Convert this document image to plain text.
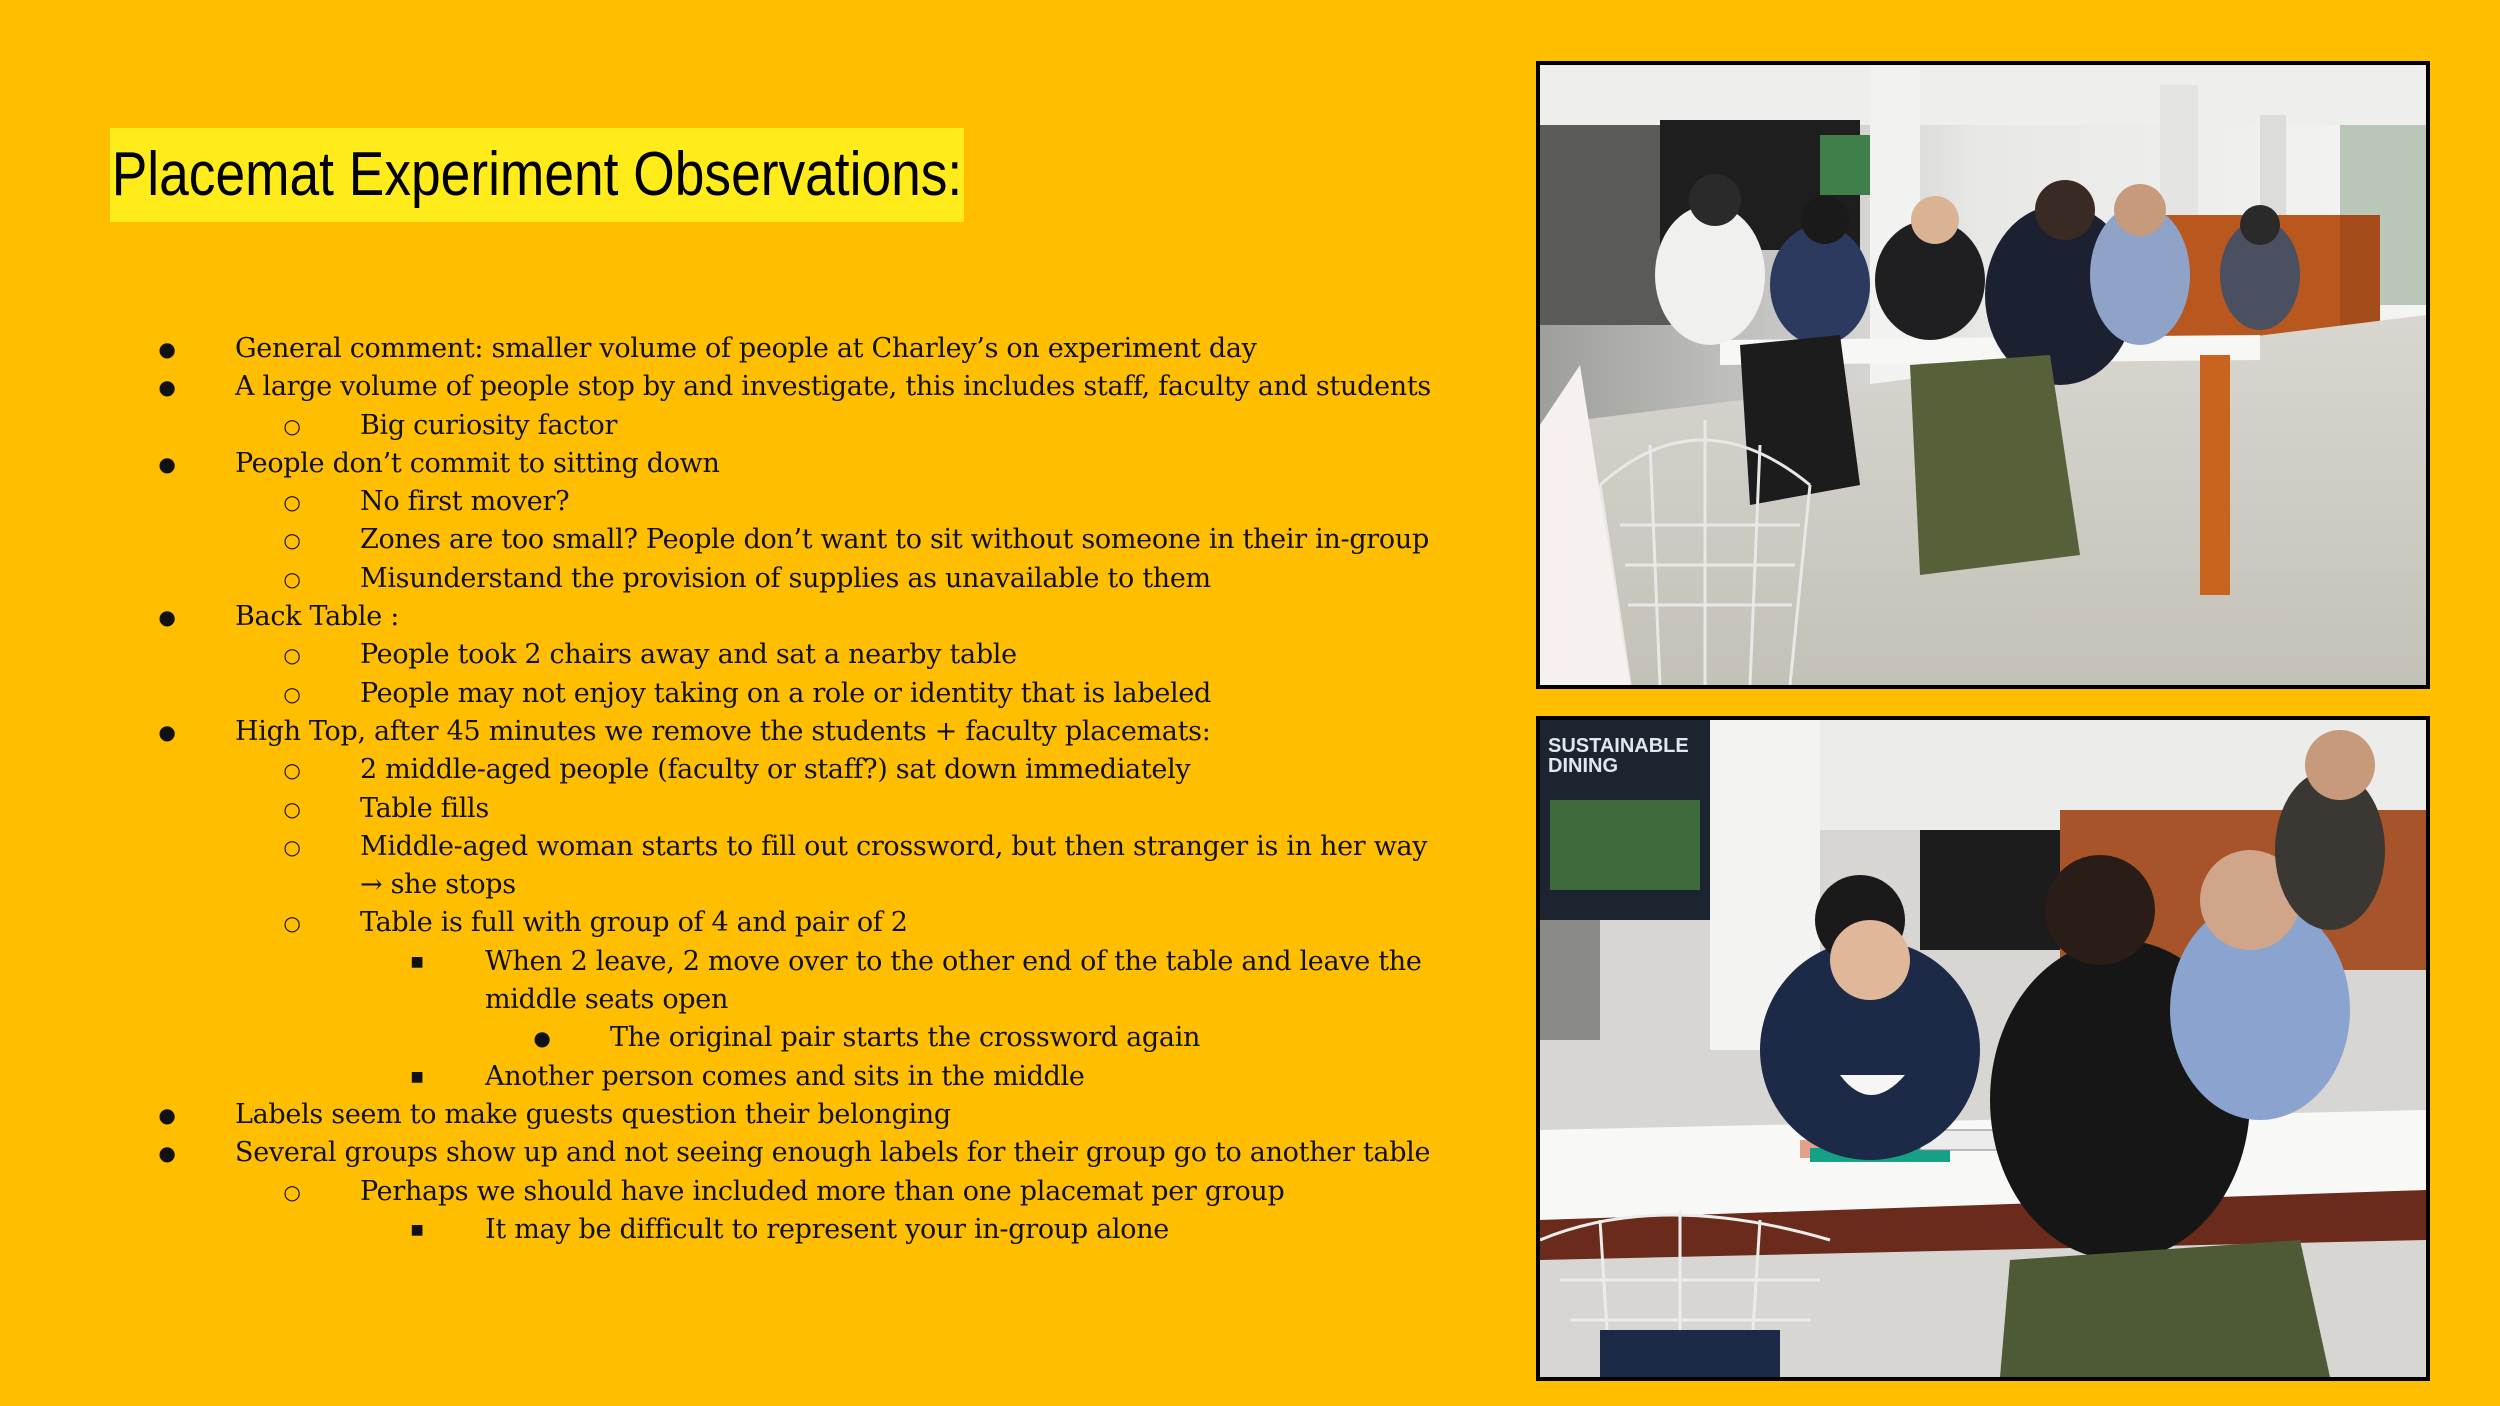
Placemat Experiment Observations:
● General comment: smaller volume of people at Charley’s on experiment day
● A large volume of people stop by and investigate, this includes staff, faculty and students
○ Big curiosity factor
● People don’t commit to sitting down
○ No first mover?
○ Zones are too small? People don’t want to sit without someone in their in-group
○ Misunderstand the provision of supplies as unavailable to them
● Back Table :
○ People took 2 chairs away and sat a nearby table
○ People may not enjoy taking on a role or identity that is labeled
● High Top, after 45 minutes we remove the students + faculty placemats:
○ 2 middle-aged people (faculty or staff?) sat down immediately
○ Table fills
○ Middle-aged woman starts to fill out crossword, but then stranger is in her way
→ she stops
○ Table is full with group of 4 and pair of 2
■	When 2 leave, 2 move over to the other end of the table and leave the
middle seats open
● The original pair starts the crossword again
■	Another person comes and sits in the middle
● Labels seem to make guests question their belonging
● Several groups show up and not seeing enough labels for their group go to another table
○ Perhaps we should have included more than one placemat per group
■	It may be difficult to represent your in-group alone
SUSTAINABLE
DINING
